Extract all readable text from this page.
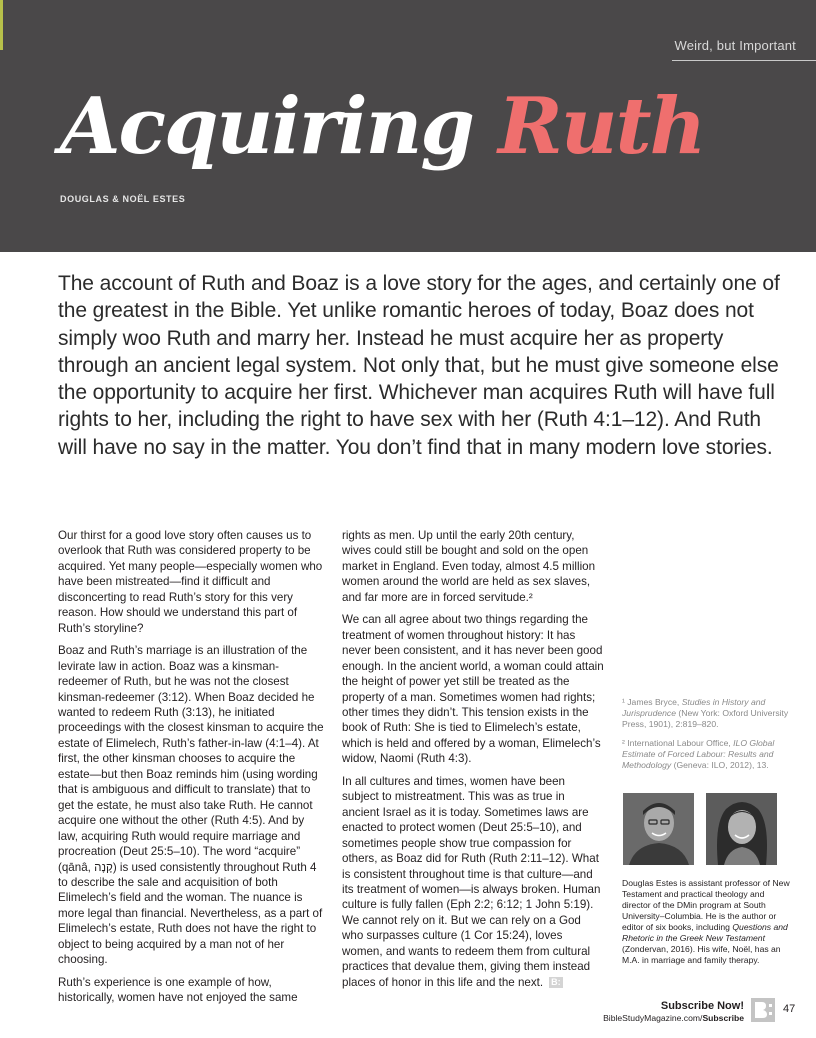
Weird, but Important
Acquiring Ruth
DOUGLAS & NOËL ESTES

The account of Ruth and Boaz is a love story for the ages, and certainly one of the greatest in the Bible. Yet unlike romantic heroes of today, Boaz does not simply woo Ruth and marry her. Instead he must acquire her as property through an ancient legal system. Not only that, but he must give someone else the opportunity to acquire her first. Whichever man acquires Ruth will have full rights to her, including the right to have sex with her (Ruth 4:1–12). And Ruth will have no say in the matter. You don’t find that in many modern love stories.

Our thirst for a good love story often causes us to overlook that Ruth was considered property to be acquired. Yet many people—especially women who have been mistreated—find it difficult and disconcerting to read Ruth’s story for this very reason. How should we understand this part of Ruth’s storyline?

Boaz and Ruth’s marriage is an illustration of the levirate law in action. Boaz was a kinsman-redeemer of Ruth, but he was not the closest kinsman-redeemer (3:12). When Boaz decided he wanted to redeem Ruth (3:13), he initiated proceedings with the closest kinsman to acquire the estate of Elimelech, Ruth’s father-in-law (4:1–4). At first, the other kinsman chooses to acquire the estate—but then Boaz reminds him (using wording that is ambiguous and difficult to translate) that to get the estate, he must also take Ruth. He cannot acquire one without the other (Ruth 4:5). And by law, acquiring Ruth would require marriage and procreation (Deut 25:5–10). The word “acquire” (qānâ, קָנָה) is used consistently throughout Ruth 4 to describe the sale and acquisition of both Elimelech’s field and the woman. The nuance is more legal than financial. Nevertheless, as a part of Elimelech’s estate, Ruth does not have the right to object to being acquired by a man not of her choosing.

Ruth’s experience is one example of how, historically, women have not enjoyed the same

rights as men. Up until the early 20th century, wives could still be bought and sold on the open market in England. Even today, almost 4.5 million women around the world are held as sex slaves, and far more are in forced servitude.²

We can all agree about two things regarding the treatment of women throughout history: It has never been consistent, and it has never been good enough. In the ancient world, a woman could attain the height of power yet still be treated as the property of a man. Sometimes women had rights; other times they didn’t. This tension exists in the book of Ruth: She is tied to Elimelech’s estate, which is held and offered by a woman, Elimelech’s widow, Naomi (Ruth 4:3).

In all cultures and times, women have been subject to mistreatment. This was as true in ancient Israel as it is today. Sometimes laws are enacted to protect women (Deut 25:5–10), and sometimes people show true compassion for others, as Boaz did for Ruth (Ruth 2:11–12). What is consistent throughout time is that culture—and its treatment of women—is always broken. Human culture is fully fallen (Eph 2:2; 6:12; 1 John 5:19). We cannot rely on it. But we can rely on a God who surpasses culture (1 Cor 15:24), loves women, and wants to redeem them from cultural practices that devalue them, giving them instead places of honor in this life and the next. B:

¹ James Bryce, Studies in History and Jurisprudence (New York: Oxford University Press, 1901), 2:819–820.

² International Labour Office, ILO Global Estimate of Forced Labour: Results and Methodology (Geneva: ILO, 2012), 13.

Douglas Estes is assistant professor of New Testament and practical theology and director of the DMin program at South University–Columbia. He is the author or editor of six books, including Questions and Rhetoric in the Greek New Testament (Zondervan, 2016). His wife, Noël, has an M.A. in marriage and family therapy.
Subscribe Now!
BibleStudyMagazine.com/Subscribe
47
